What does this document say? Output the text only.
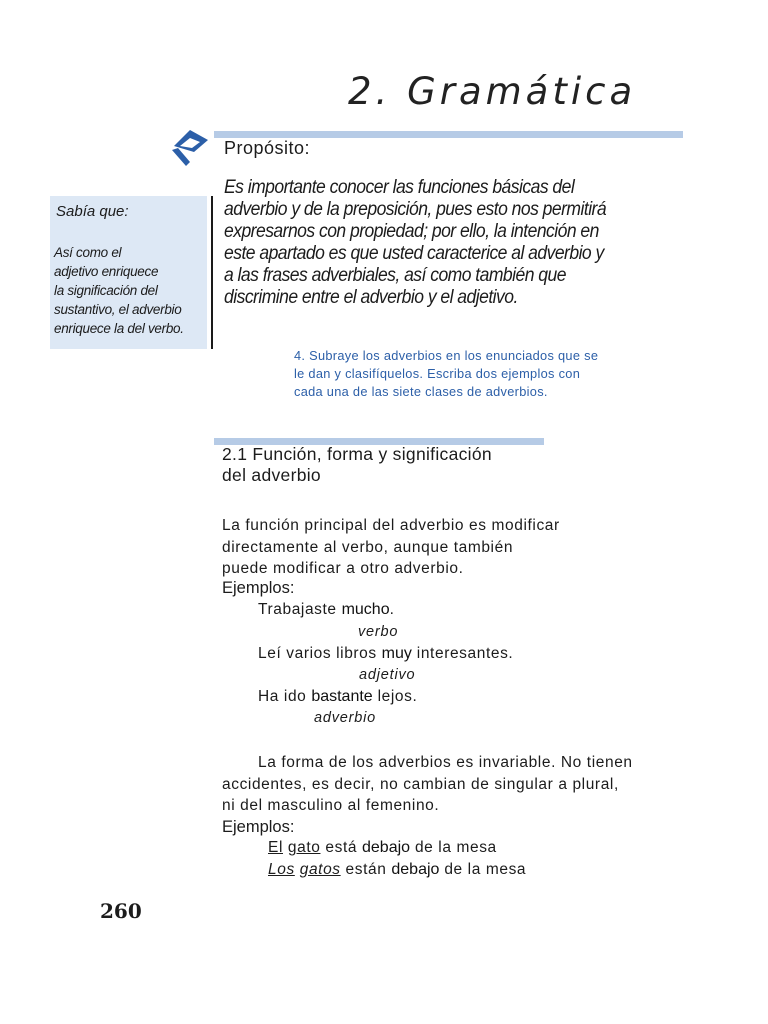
2. Gramática
Propósito:
Es importante conocer las funciones básicas del
adverbio y de la preposición, pues esto nos permitirá
expresarnos con propiedad; por ello, la intención en
este apartado es que usted caracterice al adverbio y
a las frases adverbiales, así como también que
discrimine entre el adverbio y el adjetivo.
Sabía que:
Así como el
adjetivo enriquece
la significación del
sustantivo, el adverbio
enriquece la del verbo.
4. Subraye los adverbios en los enunciados que se
le dan y clasifíquelos. Escriba dos ejemplos con
cada una de las siete clases de adverbios.
2.1 Función, forma y significación
del adverbio
La función principal del adverbio es modificar
directamente al verbo, aunque también
puede modificar a otro adverbio.
Ejemplos:
Trabajaste mucho.
verbo
Leí varios libros muy interesantes.
adjetivo
Ha ido bastante lejos.
adverbio
La forma de los adverbios es invariable. No tienen
accidentes, es decir, no cambian de singular a plural,
ni del masculino al femenino.
Ejemplos:
El gato está debajo de la mesa
Los gatos están debajo de la mesa
260
